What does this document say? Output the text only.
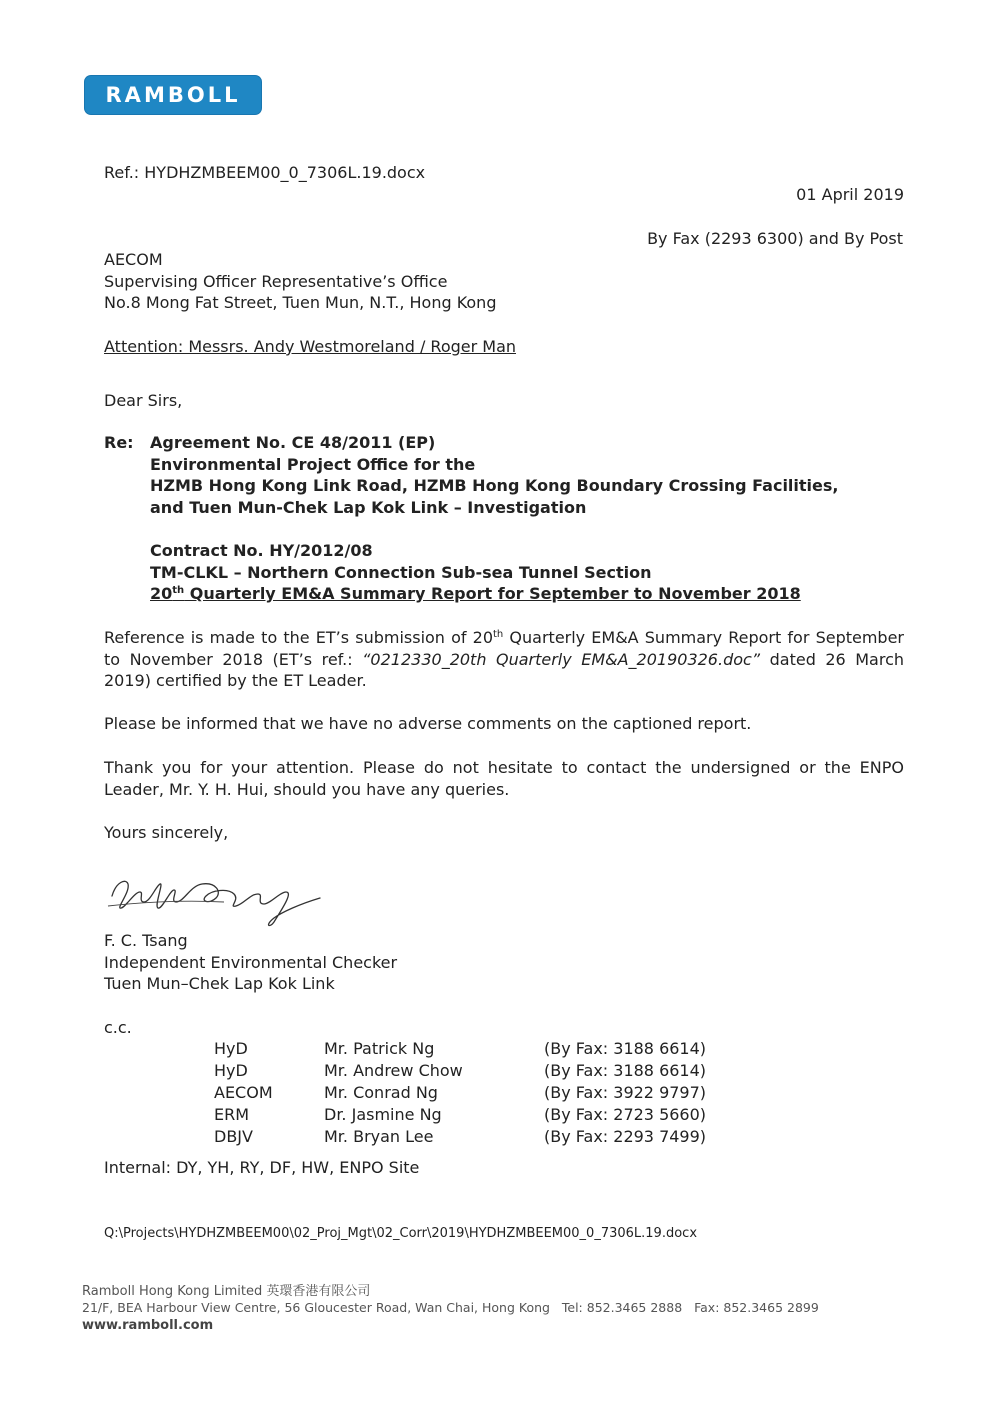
RAMBOLL
Ref.: HYDHZMBEEM00_0_7306L.19.docx
01 April 2019
By Fax (2293 6300) and By Post
AECOM
Supervising Officer Representative’s Office
No.8 Mong Fat Street, Tuen Mun, N.T., Hong Kong
Attention: Messrs. Andy Westmoreland / Roger Man
Dear Sirs,
Re: Agreement No. CE 48/2011 (EP)
Environmental Project Office for the
HZMB Hong Kong Link Road, HZMB Hong Kong Boundary Crossing Facilities,
and Tuen Mun-Chek Lap Kok Link – Investigation
Contract No. HY/2012/08
TM-CLKL – Northern Connection Sub-sea Tunnel Section
20th Quarterly EM&A Summary Report for September to November 2018
Reference is made to the ET’s submission of 20th Quarterly EM&A Summary Report for September to November 2018 (ET’s ref.: “0212330_20th Quarterly EM&A_20190326.doc” dated 26 March 2019) certified by the ET Leader.
Please be informed that we have no adverse comments on the captioned report.
Thank you for your attention. Please do not hesitate to contact the undersigned or the ENPO Leader, Mr. Y. H. Hui, should you have any queries.
Yours sincerely,
F. C. Tsang
Independent Environmental Checker
Tuen Mun–Chek Lap Kok Link
c.c.
HyD	Mr. Patrick Ng	(By Fax: 3188 6614)
HyD	Mr. Andrew Chow	(By Fax: 3188 6614)
AECOM	Mr. Conrad Ng	(By Fax: 3922 9797)
ERM	Dr. Jasmine Ng	(By Fax: 2723 5660)
DBJV	Mr. Bryan Lee	(By Fax: 2293 7499)
Internal: DY, YH, RY, DF, HW, ENPO Site
Q:\Projects\HYDHZMBEEM00\02_Proj_Mgt\02_Corr\2019\HYDHZMBEEM00_0_7306L.19.docx
Ramboll Hong Kong Limited 英環香港有限公司
21/F, BEA Harbour View Centre, 56 Gloucester Road, Wan Chai, Hong Kong Tel: 852.3465 2888 Fax: 852.3465 2899
www.ramboll.com
